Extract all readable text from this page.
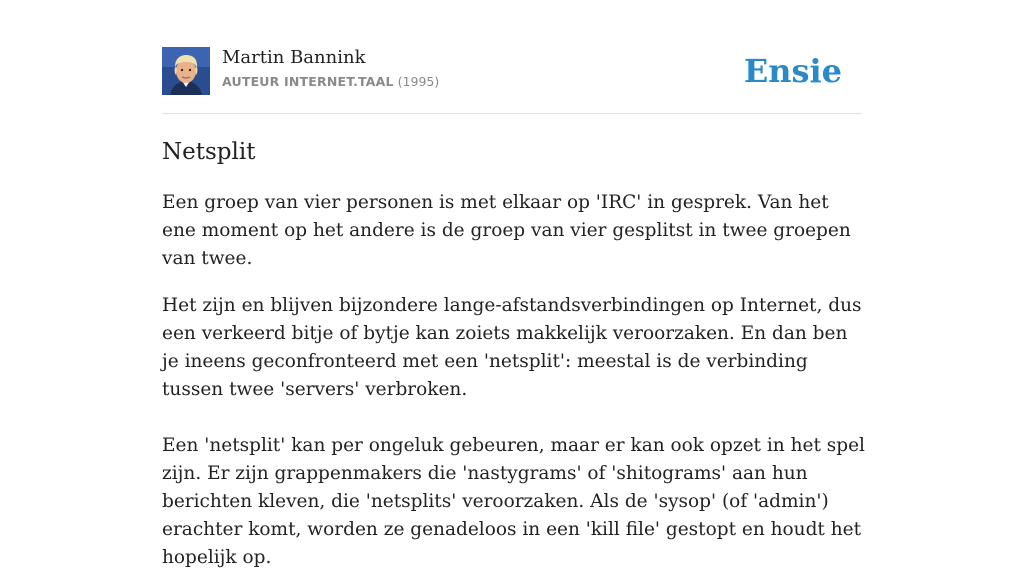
Martin Bannink
AUTEUR INTERNET.TAAL (1995)	Ensie
Netsplit

Een groep van vier personen is met elkaar op 'IRC' in gesprek. Van het ene moment op het andere is de groep van vier gesplitst in twee groepen van twee.

Het zijn en blijven bijzondere lange-afstandsverbindingen op Internet, dus een verkeerd bitje of bytje kan zoiets makkelijk veroorzaken. En dan ben je ineens geconfronteerd met een 'netsplit': meestal is de verbinding tussen twee 'servers' verbroken.

Een 'netsplit' kan per ongeluk gebeuren, maar er kan ook opzet in het spel zijn. Er zijn grappenmakers die 'nastygrams' of 'shitograms' aan hun berichten kleven, die 'netsplits' veroorzaken. Als de 'sysop' (of 'admin') erachter komt, worden ze genadeloos in een 'kill file' gestopt en houdt het hopelijk op.
